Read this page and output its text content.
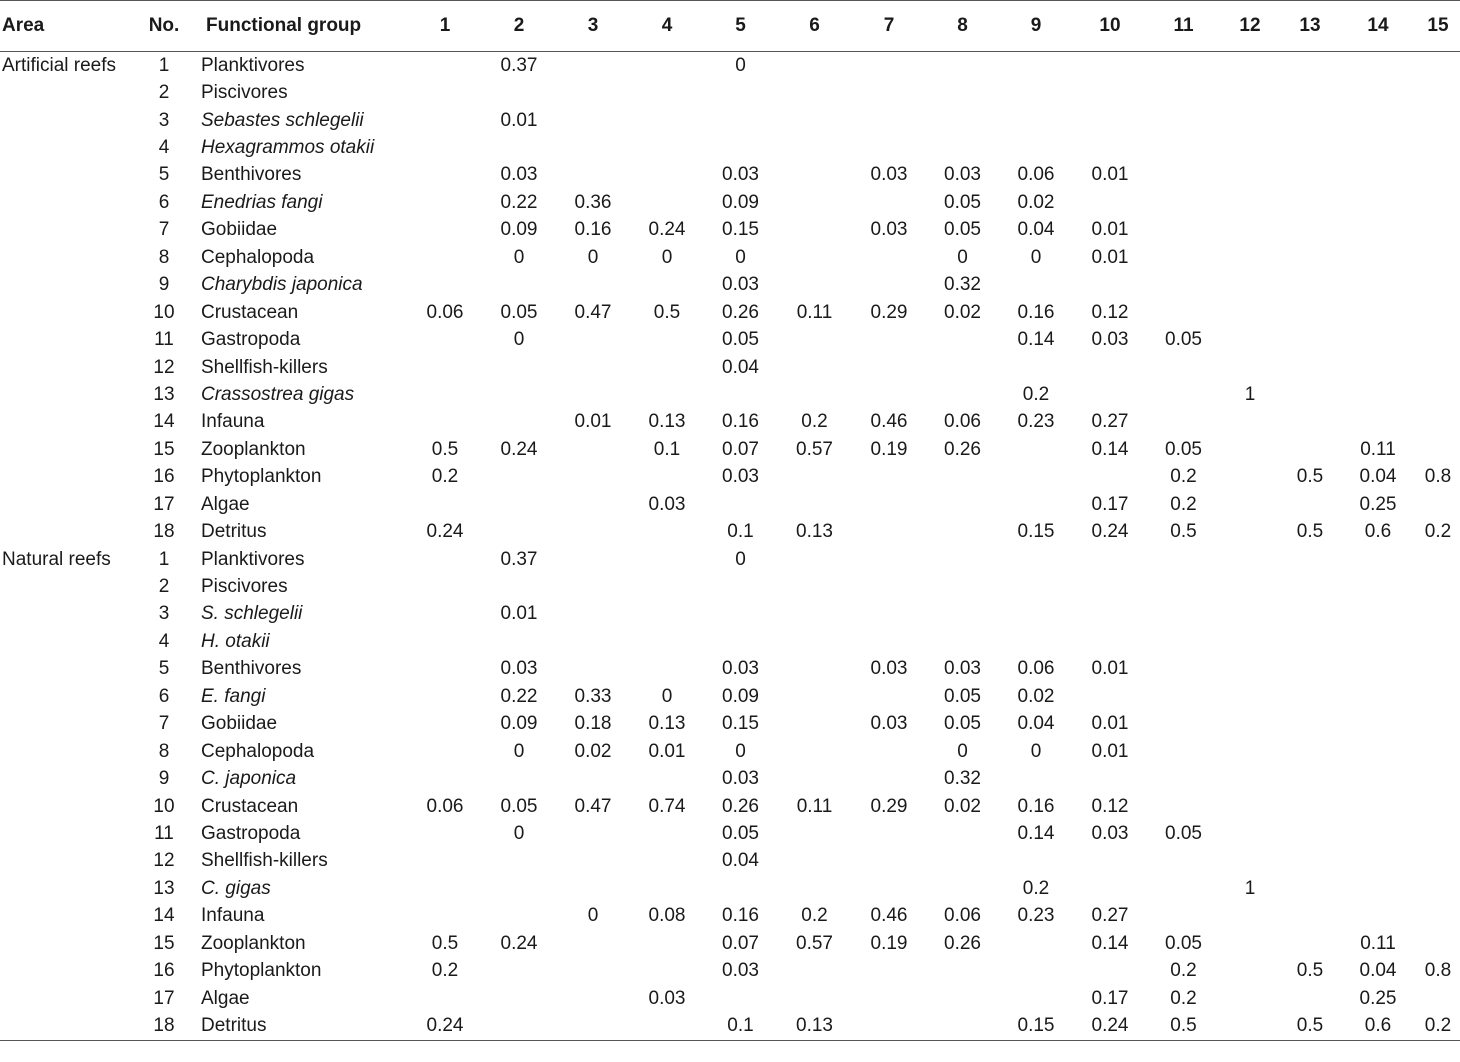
Area	No.	Functional group	1	2	3	4	5	6	7	8	9	10	11	12	13	14	15
Artificial reefs	1	Planktivores		0.37			0										
	2	Piscivores															
	3	Sebastes schlegelii		0.01													
	4	Hexagrammos otakii															
	5	Benthivores		0.03			0.03		0.03	0.03	0.06	0.01					
	6	Enedrias fangi		0.22	0.36		0.09			0.05	0.02						
	7	Gobiidae		0.09	0.16	0.24	0.15		0.03	0.05	0.04	0.01					
	8	Cephalopoda		0	0	0	0			0	0	0.01					
	9	Charybdis japonica					0.03			0.32							
	10	Crustacean	0.06	0.05	0.47	0.5	0.26	0.11	0.29	0.02	0.16	0.12					
	11	Gastropoda		0			0.05				0.14	0.03	0.05				
	12	Shellfish-killers					0.04										
	13	Crassostrea gigas									0.2			1			
	14	Infauna			0.01	0.13	0.16	0.2	0.46	0.06	0.23	0.27					
	15	Zooplankton	0.5	0.24		0.1	0.07	0.57	0.19	0.26		0.14	0.05			0.11	
	16	Phytoplankton	0.2				0.03						0.2		0.5	0.04	0.8
	17	Algae				0.03						0.17	0.2			0.25	
	18	Detritus	0.24				0.1	0.13			0.15	0.24	0.5		0.5	0.6	0.2
Natural reefs	1	Planktivores		0.37			0										
	2	Piscivores															
	3	S. schlegelii		0.01													
	4	H. otakii															
	5	Benthivores		0.03			0.03		0.03	0.03	0.06	0.01					
	6	E. fangi		0.22	0.33	0	0.09			0.05	0.02						
	7	Gobiidae		0.09	0.18	0.13	0.15		0.03	0.05	0.04	0.01					
	8	Cephalopoda		0	0.02	0.01	0			0	0	0.01					
	9	C. japonica					0.03			0.32							
	10	Crustacean	0.06	0.05	0.47	0.74	0.26	0.11	0.29	0.02	0.16	0.12					
	11	Gastropoda		0			0.05				0.14	0.03	0.05				
	12	Shellfish-killers					0.04										
	13	C. gigas									0.2			1			
	14	Infauna			0	0.08	0.16	0.2	0.46	0.06	0.23	0.27					
	15	Zooplankton	0.5	0.24			0.07	0.57	0.19	0.26		0.14	0.05			0.11	
	16	Phytoplankton	0.2				0.03						0.2		0.5	0.04	0.8
	17	Algae				0.03						0.17	0.2			0.25	
	18	Detritus	0.24				0.1	0.13			0.15	0.24	0.5		0.5	0.6	0.2
